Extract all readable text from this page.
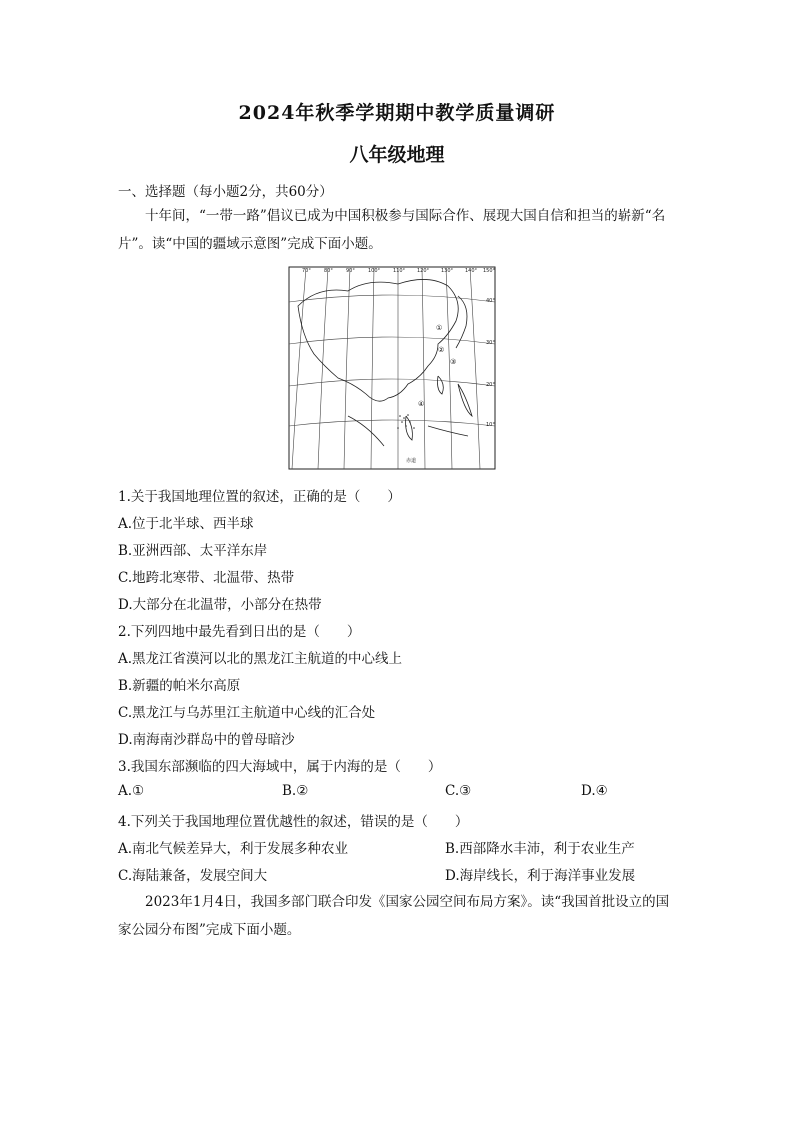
2024年秋季学期期中教学质量调研
八年级地理
一、选择题（每小题2分，共60分）
十年间，“一带一路”倡议已成为中国积极参与国际合作、展现大国自信和担当的崭新“名片”。读“中国的疆域示意图”完成下面小题。
70°	80°	90°	100°	110° 120° 130° 140° 150°
40°
30°
20°
10°
①
②
③
④
赤道
1.关于我国地理位置的叙述，正确的是（　　）
A.位于北半球、西半球
B.亚洲西部、太平洋东岸
C.地跨北寒带、北温带、热带
D.大部分在北温带，小部分在热带
2.下列四地中最先看到日出的是（　　）
A.黑龙江省漠河以北的黑龙江主航道的中心线上
B.新疆的帕米尔高原
C.黑龙江与乌苏里江主航道中心线的汇合处
D.南海南沙群岛中的曾母暗沙
3.我国东部濒临的四大海域中，属于内海的是（　　）
A.①	B.②	C.③	D.④
4.下列关于我国地理位置优越性的叙述，错误的是（　　）
A.南北气候差异大，利于发展多种农业	B.西部降水丰沛，利于农业生产
C.海陆兼备，发展空间大	D.海岸线长，利于海洋事业发展
2023年1月4日，我国多部门联合印发《国家公园空间布局方案》。读“我国首批设立的国家公园分布图”完成下面小题。
